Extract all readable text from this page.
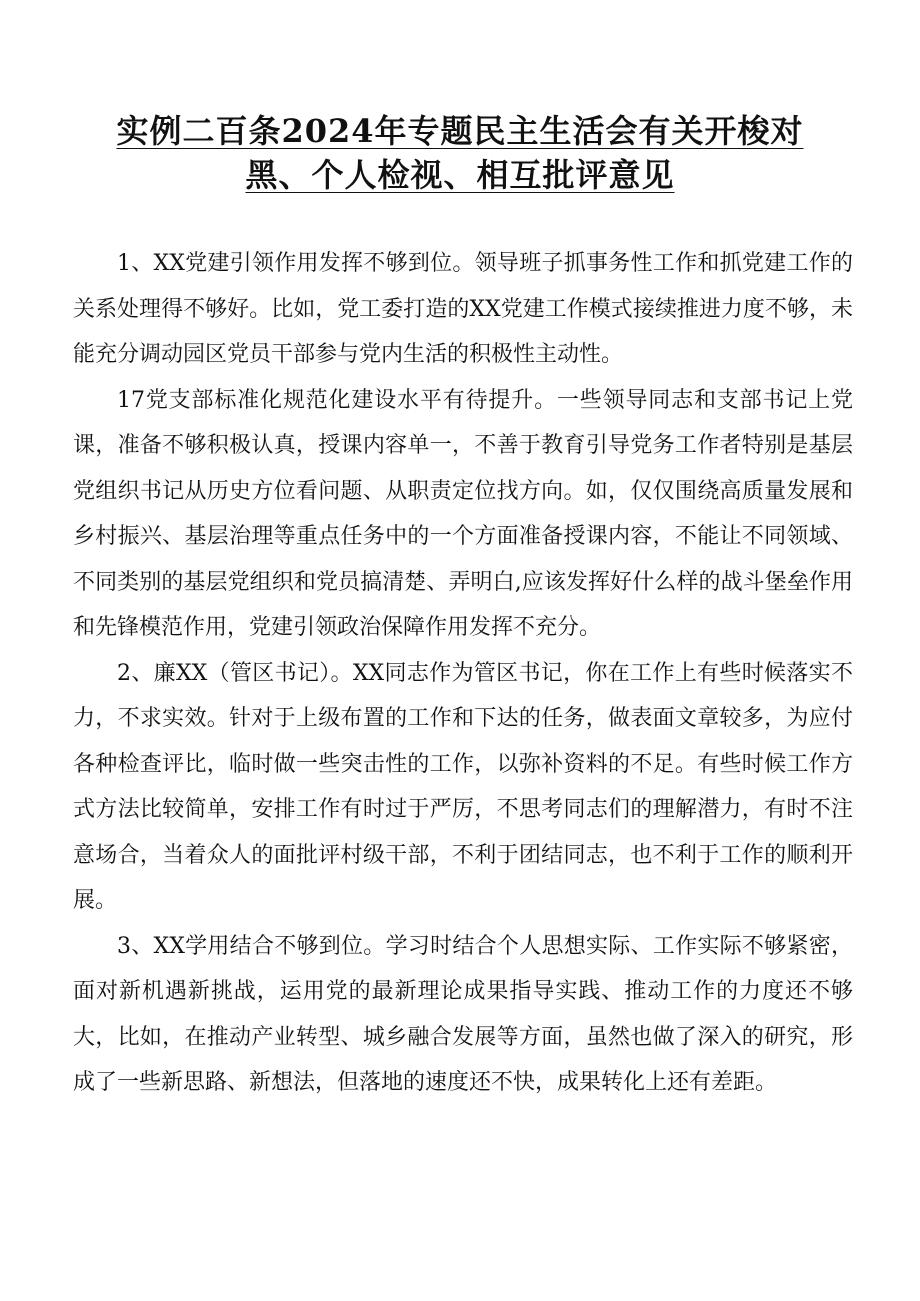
实例二百条2024年专题民主生活会有关开梭对
黑、个人检视、相互批评意见

1、XX党建引领作用发挥不够到位。领导班子抓事务性工作和抓党建工作的关系处理得不够好。比如，党工委打造的XX党建工作模式接续推进力度不够，未能充分调动园区党员干部参与党内生活的积极性主动性。

17党支部标准化规范化建设水平有待提升。一些领导同志和支部书记上党课，准备不够积极认真，授课内容单一，不善于教育引导党务工作者特别是基层党组织书记从历史方位看问题、从职责定位找方向。如，仅仅围绕高质量发展和乡村振兴、基层治理等重点任务中的一个方面准备授课内容，不能让不同领域、不同类别的基层党组织和党员搞清楚、弄明白,应该发挥好什么样的战斗堡垒作用和先锋模范作用，党建引领政治保障作用发挥不充分。

2、廉XX（管区书记）。XX同志作为管区书记，你在工作上有些时候落实不力，不求实效。针对于上级布置的工作和下达的任务，做表面文章较多，为应付各种检查评比，临时做一些突击性的工作，以弥补资料的不足。有些时候工作方式方法比较简单，安排工作有时过于严厉，不思考同志们的理解潜力，有时不注意场合，当着众人的面批评村级干部，不利于团结同志，也不利于工作的顺利开展。

3、XX学用结合不够到位。学习时结合个人思想实际、工作实际不够紧密，面对新机遇新挑战，运用党的最新理论成果指导实践、推动工作的力度还不够大，比如，在推动产业转型、城乡融合发展等方面，虽然也做了深入的研究，形成了一些新思路、新想法，但落地的速度还不快，成果转化上还有差距。
